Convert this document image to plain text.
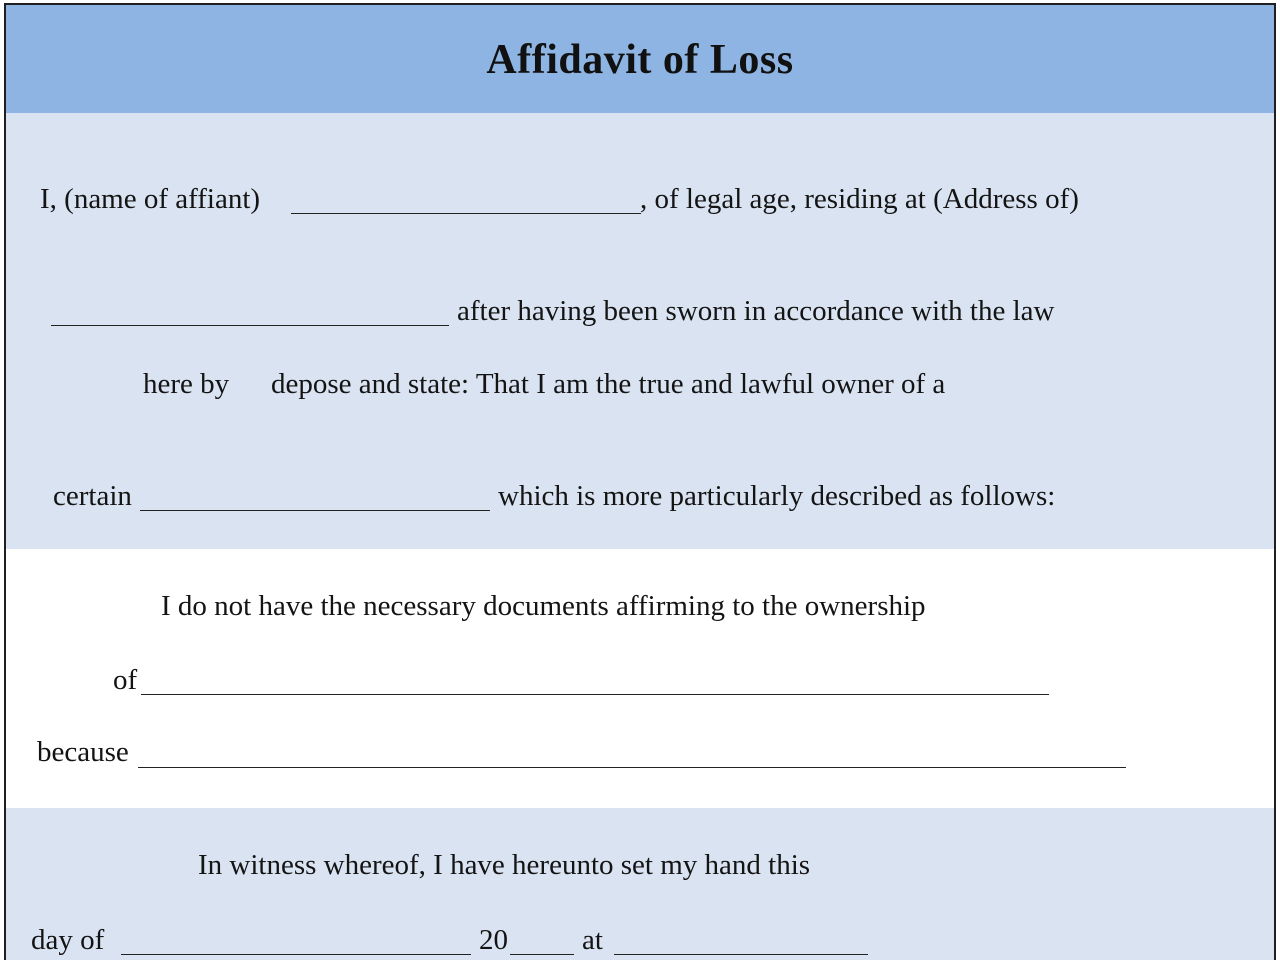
Affidavit of Loss
I, (name of affiant)	, of legal age, residing at (Address of)
after having been sworn in accordance with the law
here by depose and state: That I am the true and lawful owner of a
certain	which is more particularly described as follows:
I do not have the necessary documents affirming to the ownership
of
because
In witness whereof, I have hereunto set my hand this
day of	20	at
